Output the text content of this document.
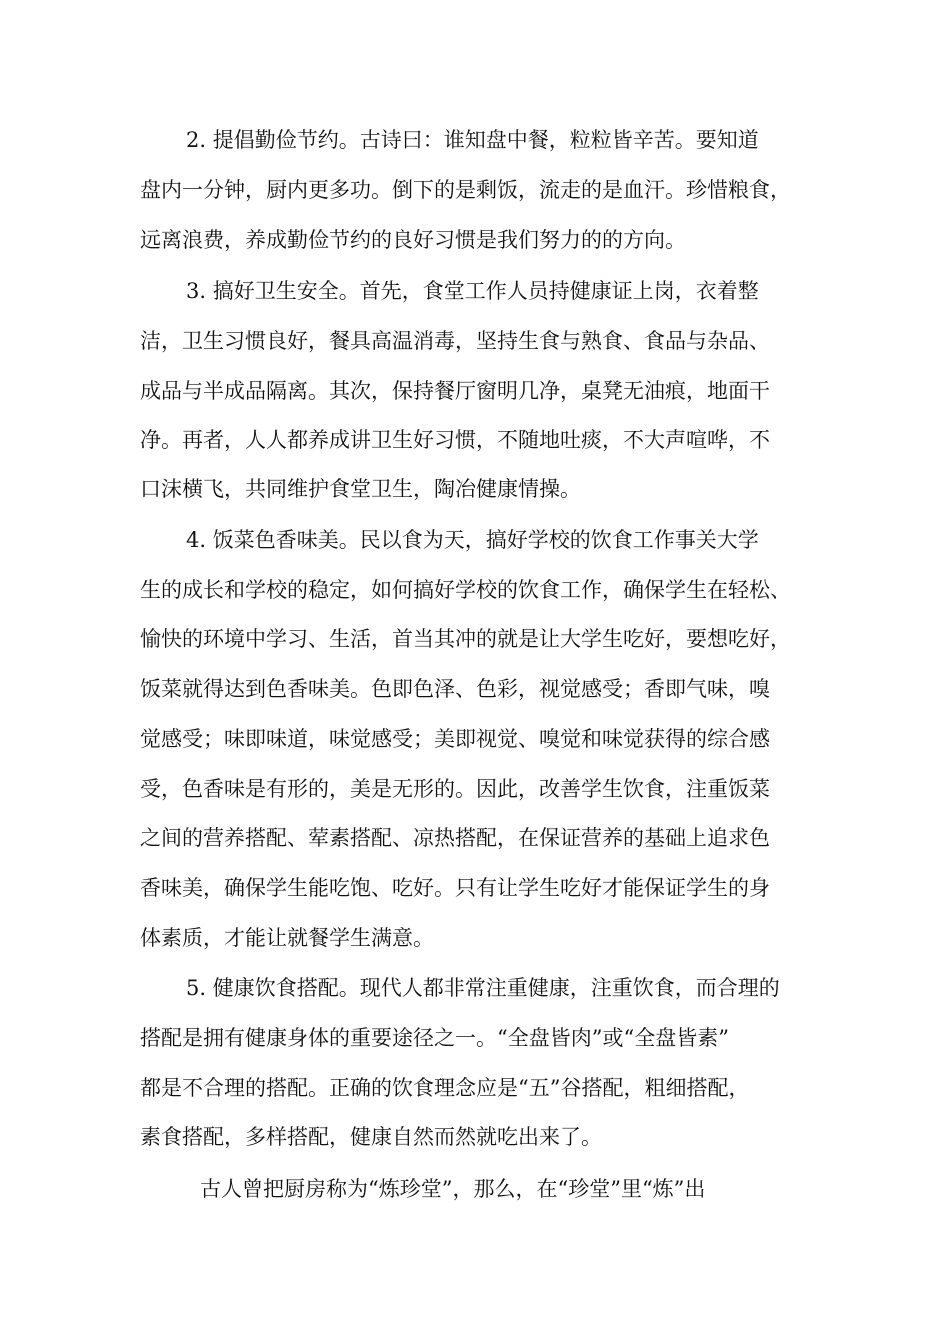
2. 提倡勤俭节约。古诗曰：谁知盘中餐，粒粒皆辛苦。要知道
盘内一分钟，厨内更多功。倒下的是剩饭，流走的是血汗。珍惜粮食，
远离浪费，养成勤俭节约的良好习惯是我们努力的的方向。
3. 搞好卫生安全。首先，食堂工作人员持健康证上岗，衣着整
洁，卫生习惯良好，餐具高温消毒，坚持生食与熟食、食品与杂品、
成品与半成品隔离。其次，保持餐厅窗明几净，桌凳无油痕，地面干
净。再者，人人都养成讲卫生好习惯，不随地吐痰，不大声喧哗，不
口沫横飞，共同维护食堂卫生，陶冶健康情操。
4. 饭菜色香味美。民以食为天，搞好学校的饮食工作事关大学
生的成长和学校的稳定，如何搞好学校的饮食工作，确保学生在轻松、
愉快的环境中学习、生活，首当其冲的就是让大学生吃好，要想吃好，
饭菜就得达到色香味美。色即色泽、色彩，视觉感受；香即气味，嗅
觉感受；味即味道，味觉感受；美即视觉、嗅觉和味觉获得的综合感
受，色香味是有形的，美是无形的。因此，改善学生饮食，注重饭菜
之间的营养搭配、荤素搭配、凉热搭配，在保证营养的基础上追求色
香味美，确保学生能吃饱、吃好。只有让学生吃好才能保证学生的身
体素质，才能让就餐学生满意。
5. 健康饮食搭配。现代人都非常注重健康，注重饮食，而合理的
搭配是拥有健康身体的重要途径之一。“全盘皆肉”或“全盘皆素”
都是不合理的搭配。正确的饮食理念应是“五”谷搭配，粗细搭配，
素食搭配，多样搭配，健康自然而然就吃出来了。
古人曾把厨房称为“炼珍堂”，那么，在“珍堂”里“炼”出
